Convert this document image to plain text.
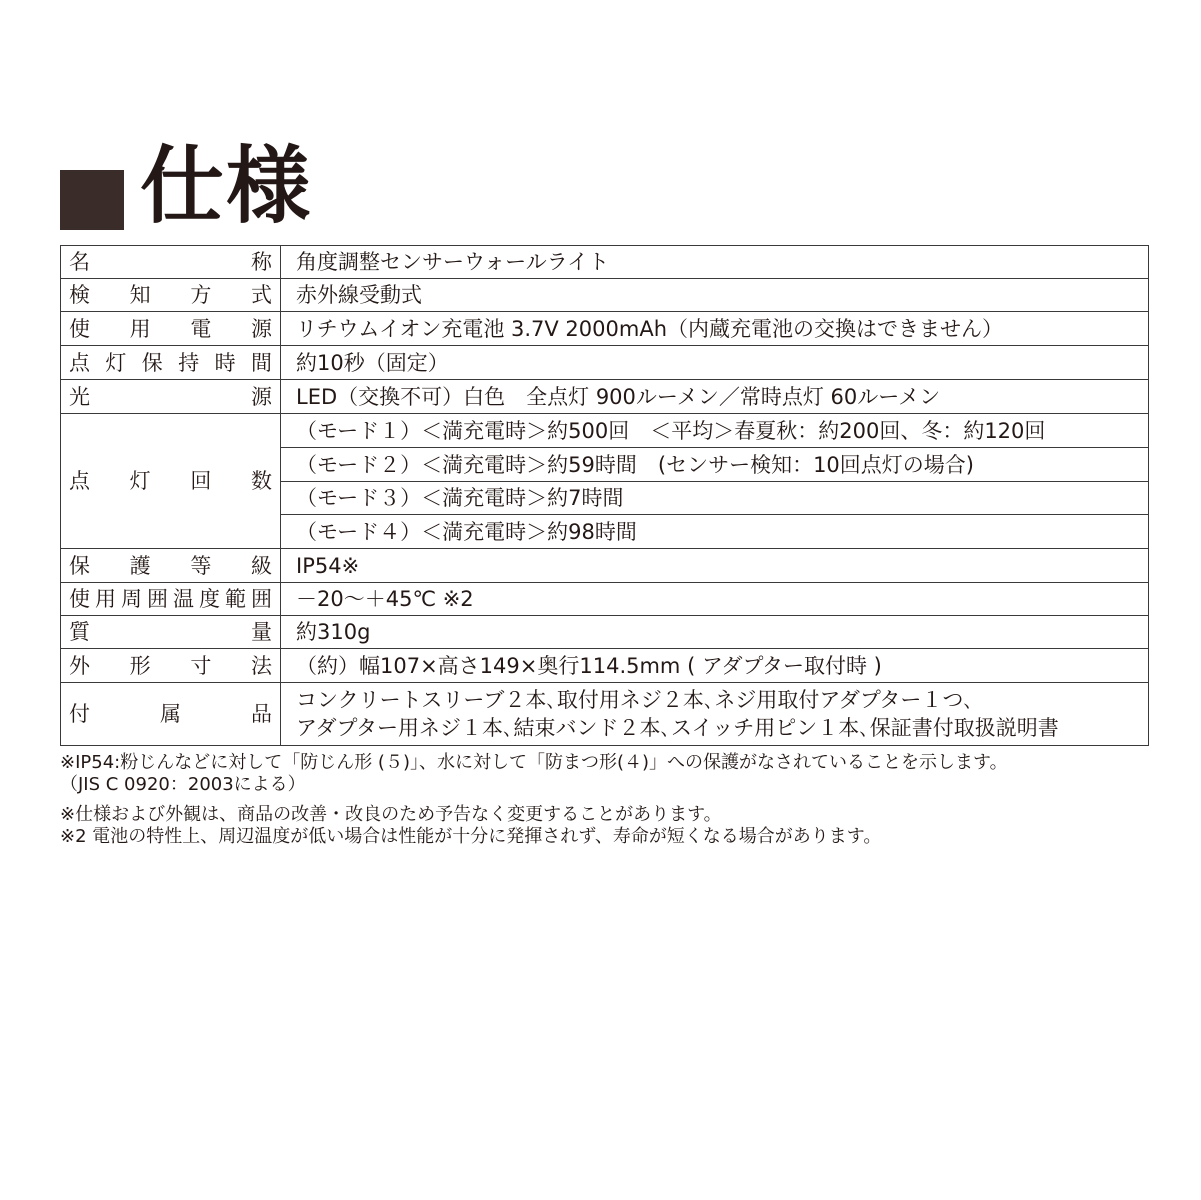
仕様
名称	角度調整センサーウォールライト

検知方式	赤外線受動式

使用電源	リチウムイオン充電池 3.7V 2000mAh（内蔵充電池の交換はできません）

点灯保持時間	約10秒（固定）

光源	LED（交換不可）白色　全点灯 900ルーメン／常時点灯 60ルーメン

点灯回数	（モード１）＜満充電時＞約500回　＜平均＞春夏秋：約200回、冬：約120回
	（モード２）＜満充電時＞約59時間　(センサー検知：10回点灯の場合)
	（モード３）＜満充電時＞約7時間
	（モード４）＜満充電時＞約98時間

保護等級	IP54※

使用周囲温度範囲	－20～＋45℃ ※2

質量	約310g

外形寸法	（約）幅107×高さ149×奥行114.5mm ( アダプター取付時 )

付属品	コンクリートスリーブ２本､取付用ネジ２本､ネジ用取付アダプター１つ､
アダプター用ネジ１本､結束バンド２本､スイッチ用ピン１本､保証書付取扱説明書

※IP54:粉じんなどに対して「防じん形 (５)」、水に対して「防まつ形(４)」への保護がなされていることを示します。

（JIS C 0920：2003による）

※仕様および外観は、商品の改善・改良のため予告なく変更することがあります。

※2 電池の特性上、周辺温度が低い場合は性能が十分に発揮されず、寿命が短くなる場合があります。
